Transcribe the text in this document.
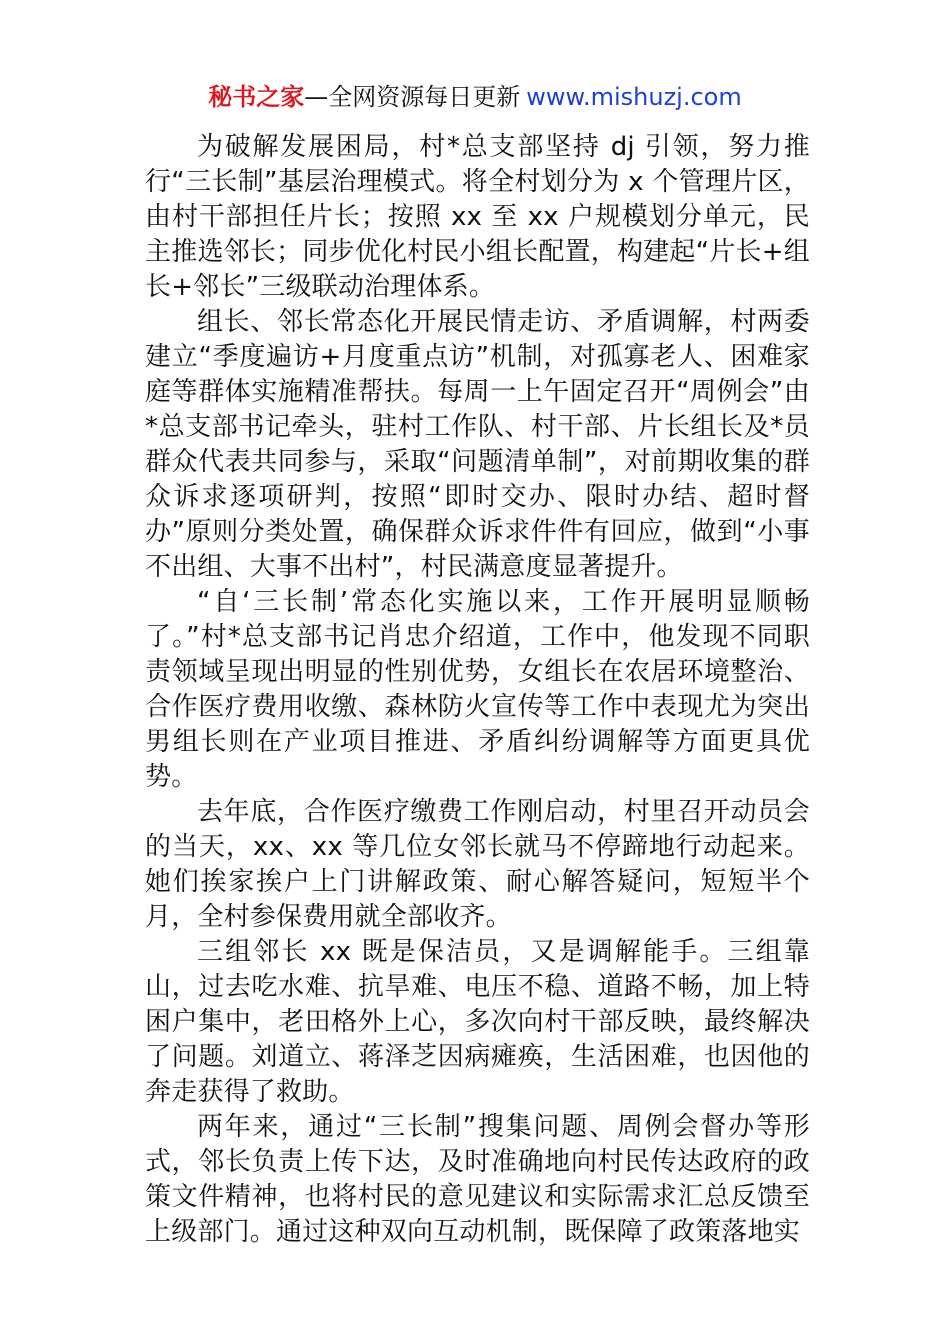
秘书之家—全网资源每日更新 www.mishuzj.com

为破解发展困局，村*总支部坚持 dj 引领，努力推行“三长制”基层治理模式。将全村划分为 x 个管理片区，由村干部担任片长；按照 xx 至 xx 户规模划分单元，民主推选邻长；同步优化村民小组长配置，构建起“片长+组长+邻长”三级联动治理体系。

组长、邻长常态化开展民情走访、矛盾调解，村两委建立“季度遍访+月度重点访”机制，对孤寡老人、困难家庭等群体实施精准帮扶。每周一上午固定召开“周例会”由*总支部书记牵头，驻村工作队、村干部、片长组长及*员群众代表共同参与，采取“问题清单制”，对前期收集的群众诉求逐项研判，按照“即时交办、限时办结、超时督办”原则分类处置，确保群众诉求件件有回应，做到“小事不出组、大事不出村”，村民满意度显著提升。

“自‘三长制’常态化实施以来，工作开展明显顺畅了。”村*总支部书记肖忠介绍道，工作中，他发现不同职责领域呈现出明显的性别优势，女组长在农居环境整治、合作医疗费用收缴、森林防火宣传等工作中表现尤为突出男组长则在产业项目推进、矛盾纠纷调解等方面更具优势。

去年底，合作医疗缴费工作刚启动，村里召开动员会的当天，xx、xx 等几位女邻长就马不停蹄地行动起来。她们挨家挨户上门讲解政策、耐心解答疑问，短短半个月，全村参保费用就全部收齐。

三组邻长 xx 既是保洁员，又是调解能手。三组靠山，过去吃水难、抗旱难、电压不稳、道路不畅，加上特困户集中，老田格外上心，多次向村干部反映，最终解决了问题。刘道立、蒋泽芝因病瘫痪，生活困难，也因他的奔走获得了救助。

两年来，通过“三长制”搜集问题、周例会督办等形式，邻长负责上传下达，及时准确地向村民传达政府的政策文件精神，也将村民的意见建议和实际需求汇总反馈至上级部门。通过这种双向互动机制，既保障了政策落地实
